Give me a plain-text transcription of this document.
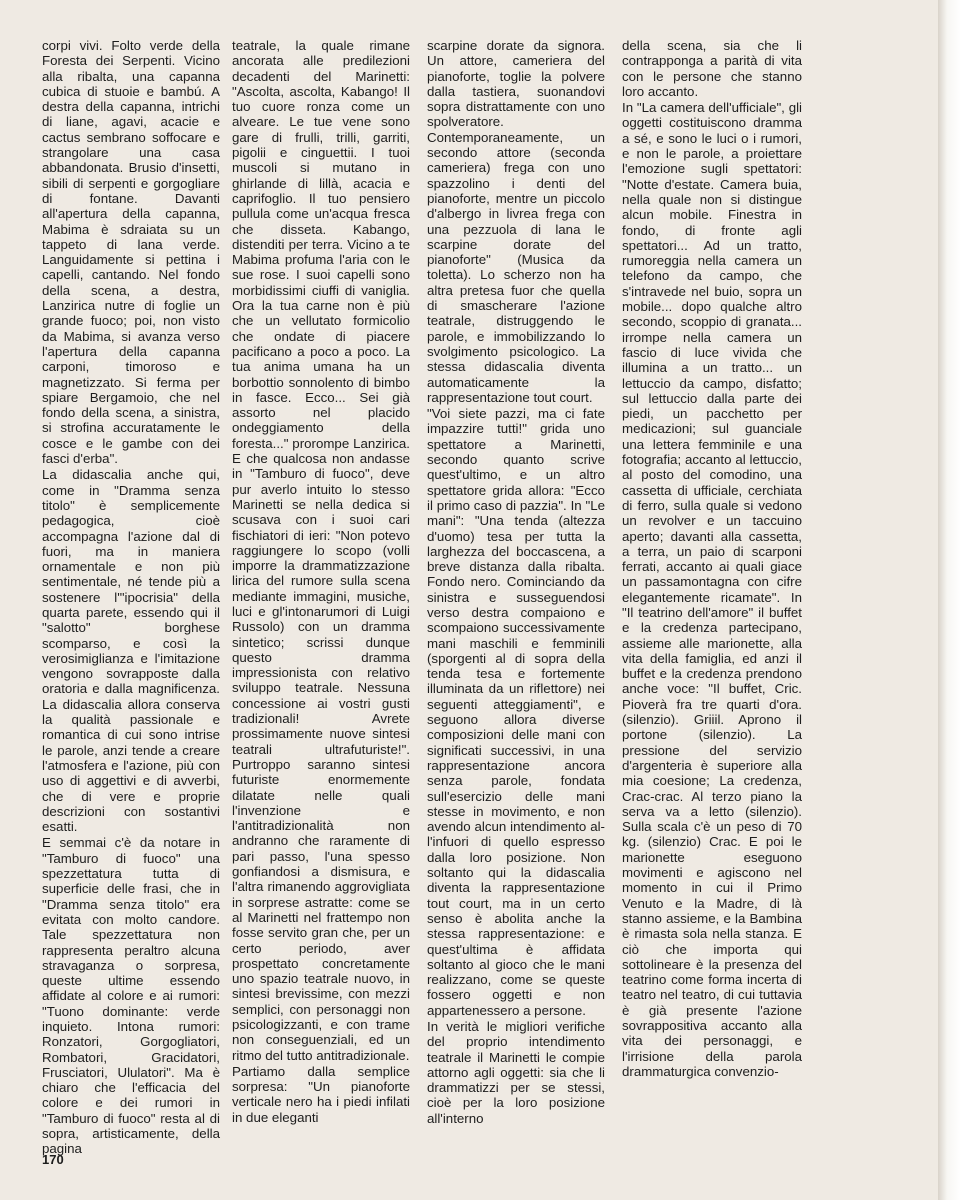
corpi vivi. Folto verde della Foresta dei Serpenti. Vicino alla ribalta, una capanna cubica di stuoie e bambú. A destra della capanna, intrichi di liane, agavi, acacie e cactus sembrano soffocare e strangolare una casa abbandonata. Brusio d'insetti, sibili di serpenti e gorgogliare di fontane. Davanti all'apertura della capanna, Mabima è sdraiata su un tappeto di lana verde. Languidamente si pettina i capelli, cantando. Nel fondo della scena, a destra, Lanzirica nutre di foglie un grande fuoco; poi, non visto da Mabima, si avanza verso l'apertura della capanna carponi, timoroso e magnetizzato. Si ferma per spiare Bergamoio, che nel fondo della scena, a sinistra, si strofina accuratamente le cosce e le gambe con dei fasci d'erba".

La didascalia anche qui, come in "Dramma senza titolo" è semplicemente pedagogica, cioè accompagna l'azione dal di fuori, ma in maniera ornamentale e non più sentimentale, né tende più a sostenere l'"ipocrisia" della quarta parete, essendo qui il "salotto" borghese scomparso, e così la verosimiglianza e l'imitazione vengono sovrapposte dalla oratoria e dalla magnificenza. La didascalia allora conserva la qualità passionale e romantica di cui sono intrise le parole, anzi tende a creare l'atmosfera e l'azione, più con uso di aggettivi e di avverbi, che di vere e proprie descrizioni con sostantivi esatti.

E semmai c'è da notare in "Tamburo di fuoco" una spezzettatura tutta di superficie delle frasi, che in "Dramma senza titolo" era evitata con molto candore. Tale spezzettatura non rappresenta peraltro alcuna stravaganza o sorpresa, queste ultime essendo affidate al colore e ai rumori: "Tuono dominante: verde inquieto. Intona rumori: Ronzatori, Gorgogliatori, Rombatori, Gracidatori, Frusciatori, Ululatori". Ma è chiaro che l'efficacia del colore e dei rumori in "Tamburo di fuoco" resta al di sopra, artisticamente, della pagina

teatrale, la quale rimane ancorata alle predilezioni decadenti del Marinetti: "Ascolta, ascolta, Kabango! Il tuo cuore ronza come un alveare. Le tue vene sono gare di frulli, trilli, garriti, pigolii e cinguettii. I tuoi muscoli si mutano in ghirlande di lillà, acacia e caprifoglio. Il tuo pensiero pullula come un'acqua fresca che disseta. Kabango, distenditi per terra. Vicino a te Mabima profuma l'aria con le sue rose. I suoi capelli sono morbidissimi ciuffi di vaniglia. Ora la tua carne non è più che un vellutato formicolio che ondate di piacere pacificano a poco a poco. La tua anima umana ha un borbottio sonnolento di bimbo in fasce. Ecco... Sei già assorto nel placido ondeggiamento della foresta..." prorompe Lanzirica. E che qualcosa non andasse in "Tamburo di fuoco", deve pur averlo intuito lo stesso Marinetti se nella dedica si scusava con i suoi cari fischiatori di ieri: "Non potevo raggiungere lo scopo (volli imporre la drammatizzazione lirica del rumore sulla scena mediante immagini, musiche, luci e gl'intonarumori di Luigi Russolo) con un dramma sintetico; scrissi dunque questo dramma impressionista con relativo sviluppo teatrale. Nessuna concessione ai vostri gusti tradizionali! Avrete prossimamente nuove sintesi teatrali ultrafuturiste!". Purtroppo saranno sintesi futuriste enormemente dilatate nelle quali l'invenzione e l'antitradizionalità non andranno che raramente di pari passo, l'una spesso gonfiandosi a dismisura, e l'altra rimanendo aggrovigliata in sorprese astratte: come se al Marinetti nel frattempo non fosse servito gran che, per un certo periodo, aver prospettato concretamente uno spazio teatrale nuovo, in sintesi brevissime, con mezzi semplici, con personaggi non psicologizzanti, e con trame non conseguenziali, ed un ritmo del tutto antitradizionale.

Partiamo dalla semplice sorpresa: "Un pianoforte verticale nero ha i piedi infilati in due eleganti

scarpine dorate da signora. Un attore, cameriera del pianoforte, toglie la polvere dalla tastiera, suonandovi sopra distrattamente con uno spolveratore. Contemporaneamente, un secondo attore (seconda cameriera) frega con uno spazzolino i denti del pianoforte, mentre un piccolo d'albergo in livrea frega con una pezzuola di lana le scarpine dorate del pianoforte" (Musica da toletta). Lo scherzo non ha altra pretesa fuor che quella di smascherare l'azione teatrale, distruggendo le parole, e immobilizzando lo svolgimento psicologico. La stessa didascalia diventa automaticamente la rappresentazione tout court.

"Voi siete pazzi, ma ci fate impazzire tutti!" grida uno spettatore a Marinetti, secondo quanto scrive quest'ultimo, e un altro spettatore grida allora: "Ecco il primo caso di pazzia". In "Le mani": "Una tenda (altezza d'uomo) tesa per tutta la larghezza del boccascena, a breve distanza dalla ribalta. Fondo nero. Cominciando da sinistra e susseguendosi verso destra compaiono e scompaiono successivamente mani maschili e femminili (sporgenti al di sopra della tenda tesa e fortemente illuminata da un riflettore) nei seguenti atteggiamenti", e seguono allora diverse composizioni delle mani con significati successivi, in una rappresentazione ancora senza parole, fondata sull'esercizio delle mani stesse in movimento, e non avendo alcun intendimento al-l'infuori di quello espresso dalla loro posizione. Non soltanto qui la didascalia diventa la rappresentazione tout court, ma in un certo senso è abolita anche la stessa rappresentazione: e quest'ultima è affidata soltanto al gioco che le mani realizzano, come se queste fossero oggetti e non appartenessero a persone.

In verità le migliori verifiche del proprio intendimento teatrale il Marinetti le compie attorno agli oggetti: sia che li drammatizzi per se stessi, cioè per la loro posizione all'interno

della scena, sia che li contrapponga a parità di vita con le persone che stanno loro accanto.

In "La camera dell'ufficiale", gli oggetti costituiscono dramma a sé, e sono le luci o i rumori, e non le parole, a proiettare l'emozione sugli spettatori: "Notte d'estate. Camera buia, nella quale non si distingue alcun mobile. Finestra in fondo, di fronte agli spettatori... Ad un tratto, rumoreggia nella camera un telefono da campo, che s'intravede nel buio, sopra un mobile... dopo qualche altro secondo, scoppio di granata... irrompe nella camera un fascio di luce vivida che illumina a un tratto... un lettuccio da campo, disfatto; sul lettuccio dalla parte dei piedi, un pacchetto per medicazioni; sul guanciale una lettera femminile e una fotografia; accanto al lettuccio, al posto del comodino, una cassetta di ufficiale, cerchiata di ferro, sulla quale si vedono un revolver e un taccuino aperto; davanti alla cassetta, a terra, un paio di scarponi ferrati, accanto ai quali giace un passamontagna con cifre elegantemente ricamate". In "Il teatrino dell'amore" il buffet e la credenza partecipano, assieme alle marionette, alla vita della famiglia, ed anzi il buffet e la credenza prendono anche voce: "Il buffet, Cric. Pioverà fra tre quarti d'ora. (silenzio). Griiil. Aprono il portone (silenzio). La pressione del servizio d'argenteria è superiore alla mia coesione; La credenza, Crac-crac. Al terzo piano la serva va a letto (silenzio). Sulla scala c'è un peso di 70 kg. (silenzio) Crac. E poi le marionette eseguono movimenti e agiscono nel momento in cui il Primo Venuto e la Madre, di là stanno assieme, e la Bambina è rimasta sola nella stanza. E ciò che importa qui sottolineare è la presenza del teatrino come forma incerta di teatro nel teatro, di cui tuttavia è già presente l'azione sovrappositiva accanto alla vita dei personaggi, e l'irrisione della parola drammaturgica convenzio-

170
